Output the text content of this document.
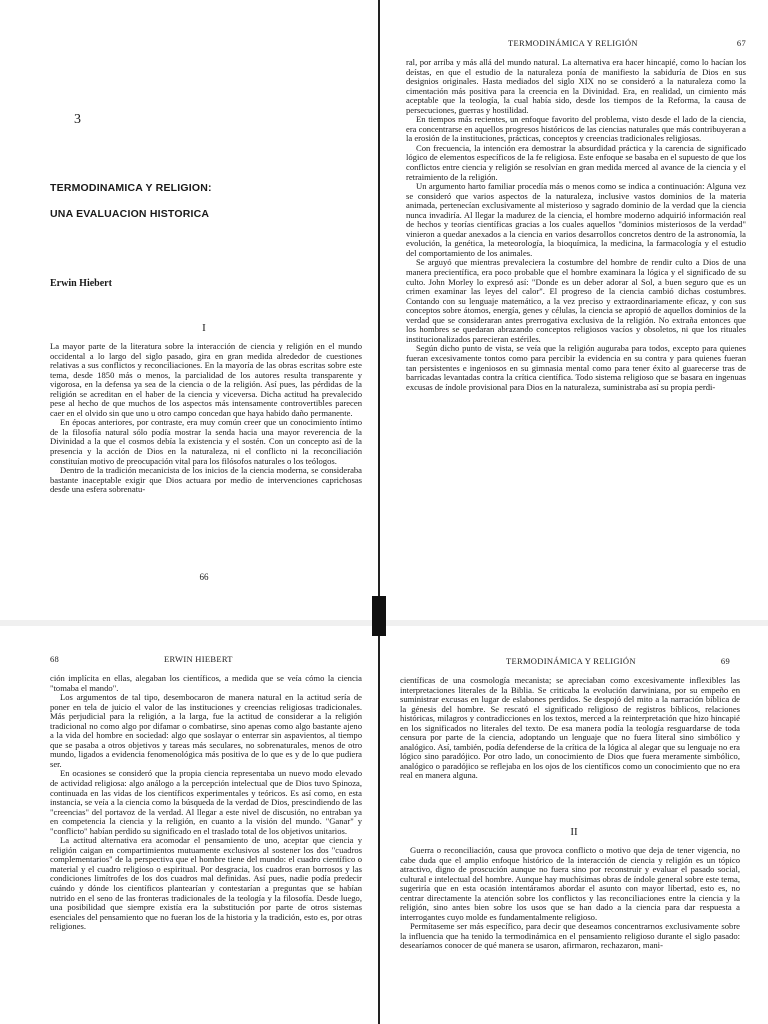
3
TERMODINAMICA Y RELIGION:
UNA EVALUACION HISTORICA
Erwin Hiebert
I

La mayor parte de la literatura sobre la interacción de ciencia y religión en el mundo occidental a lo largo del siglo pasado, gira en gran medida alrededor de cuestiones relativas a sus conflictos y reconciliaciones. En la mayoría de las obras escritas sobre este tema, desde 1850 más o menos, la parcialidad de los autores resulta transparente y vigorosa, en la defensa ya sea de la ciencia o de la religión. Así pues, las pérdidas de la religión se acreditan en el haber de la ciencia y viceversa. Dicha actitud ha prevalecido pese al hecho de que muchos de los aspectos más intensamente controvertibles parecen caer en el olvido sin que uno u otro campo concedan que haya habido daño permanente.

En épocas anteriores, por contraste, era muy común creer que un conocimiento íntimo de la filosofía natural sólo podía mostrar la senda hacia una mayor reverencia de la Divinidad a la que el cosmos debía la existencia y el sostén. Con un concepto así de la presencia y la acción de Dios en la naturaleza, ni el conflicto ni la reconciliación constituían motivo de preocupación vital para los filósofos naturales o los teólogos.

Dentro de la tradición mecanicista de los inicios de la ciencia moderna, se consideraba bastante inaceptable exigir que Dios actuara por medio de intervenciones caprichosas desde una esfera sobrenatu-

66
TERMODINÁMICA Y RELIGIÓN	67

ral, por arriba y más allá del mundo natural. La alternativa era hacer hincapié, como lo hacían los deístas, en que el estudio de la naturaleza ponía de manifiesto la sabiduría de Dios en sus designios originales. Hasta mediados del siglo XIX no se consideró a la naturaleza como la cimentación más positiva para la creencia en la Divinidad. Era, en realidad, un cimiento más aceptable que la teología, la cual había sido, desde los tiempos de la Reforma, la causa de persecuciones, guerras y hostilidad.

En tiempos más recientes, un enfoque favorito del problema, visto desde el lado de la ciencia, era concentrarse en aquellos progresos históricos de las ciencias naturales que más contribuyeran a la erosión de la instituciones, prácticas, conceptos y creencias tradicionales religiosas.

Con frecuencia, la intención era demostrar la absurdidad práctica y la carencia de significado lógico de elementos específicos de la fe religiosa. Este enfoque se basaba en el supuesto de que los conflictos entre ciencia y religión se resolvían en gran medida merced al avance de la ciencia y el retraimiento de la religión.

Un argumento harto familiar procedía más o menos como se indica a continuación: Alguna vez se consideró que varios aspectos de la naturaleza, inclusive vastos dominios de la materia animada, pertenecían exclusivamente al misterioso y sagrado dominio de la verdad que la ciencia nunca invadiría. Al llegar la madurez de la ciencia, el hombre moderno adquirió información real de hechos y teorías científicas gracias a los cuales aquellos "dominios misteriosos de la verdad" vinieron a quedar anexados a la ciencia en varios desarrollos concretos dentro de la astronomía, la evolución, la genética, la meteorología, la bioquímica, la medicina, la farmacología y el estudio del comportamiento de los animales.

Se arguyó que mientras prevaleciera la costumbre del hombre de rendir culto a Dios de una manera precientífica, era poco probable que el hombre examinara la lógica y el significado de su culto. John Morley lo expresó así: "Donde es un deber adorar al Sol, a buen seguro que es un crimen examinar las leyes del calor". El progreso de la ciencia cambió dichas costumbres. Contando con su lenguaje matemático, a la vez preciso y extraordinariamente eficaz, y con sus conceptos sobre átomos, energía, genes y células, la ciencia se apropió de aquellos dominios de la verdad que se consideraran antes prerrogativa exclusiva de la religión. No extraña entonces que los hombres se quedaran abrazando conceptos religiosos vacíos y obsoletos, ni que los rituales institucionalizados parecieran estériles.

Según dicho punto de vista, se veía que la religión auguraba para todos, excepto para quienes fueran excesivamente tontos como para percibir la evidencia en su contra y para quienes fueran tan persistentes e ingeniosos en su gimnasia mental como para tener éxito al guarecerse tras de barricadas levantadas contra la crítica científica. Todo sistema religioso que se basara en ingenuas excusas de índole provisional para Dios en la naturaleza, suministraba así su propia perdi-

68	ERWIN HIEBERT

ción implícita en ellas, alegaban los científicos, a medida que se veía cómo la ciencia "tomaba el mando".

Los argumentos de tal tipo, desembocaron de manera natural en la actitud sería de poner en tela de juicio el valor de las instituciones y creencias religiosas tradicionales. Más perjudicial para la religión, a la larga, fue la actitud de considerar a la religión tradicional no como algo por difamar o combatirse, sino apenas como algo bastante ajeno a la vida del hombre en sociedad: algo que soslayar o enterrar sin aspavientos, al tiempo que se pasaba a otros objetivos y tareas más seculares, no sobrenaturales, menos de otro mundo, ligados a evidencia fenomenológica más positiva de lo que es y de lo que pudiera ser.

En ocasiones se consideró que la propia ciencia representaba un nuevo modo elevado de actividad religiosa: algo análogo a la percepción intelectual que de Dios tuvo Spinoza, continuada en las vidas de los científicos experimentales y teóricos. Es así como, en esta instancia, se veía a la ciencia como la búsqueda de la verdad de Dios, prescindiendo de las "creencias" del portavoz de la verdad. Al llegar a este nivel de discusión, no entraban ya en competencia la ciencia y la religión, en cuanto a la visión del mundo. "Ganar" y "conflicto" habían perdido su significado en el traslado total de los objetivos unitarios.

La actitud alternativa era acomodar el pensamiento de uno, aceptar que ciencia y religión caigan en compartimientos mutuamente exclusivos al sostener los dos "cuadros complementarios" de la perspectiva que el hombre tiene del mundo: el cuadro científico o material y el cuadro religioso o espiritual. Por desgracia, los cuadros eran borrosos y las condiciones limítrofes de los dos cuadros mal definidas. Así pues, nadie podía predecir cuándo y dónde los científicos plantearían y contestarían a preguntas que se habían nutrido en el seno de las fronteras tradicionales de la teología y la filosofía. Desde luego, una posibilidad que siempre existía era la substitución por parte de otros sistemas esenciales del pensamiento que no fueran los de la historia y la tradición, esto es, por otras religiones.

TERMODINÁMICA Y RELIGIÓN	69

científicas de una cosmología mecanista; se apreciaban como excesivamente inflexibles las interpretaciones literales de la Biblia. Se criticaba la evolución darwiniana, por su empeño en suministrar excusas en lugar de eslabones perdidos. Se despojó del mito a la narración bíblica de la génesis del hombre. Se rescató el significado religioso de registros bíblicos, relaciones históricas, milagros y contradicciones en los textos, merced a la reinterpretación que hizo hincapié en los significados no literales del texto. De esa manera podía la teología resguardarse de toda censura por parte de la ciencia, adoptando un lenguaje que no fuera literal sino simbólico y analógico. Así, también, podía defenderse de la crítica de la lógica al alegar que su lenguaje no era lógico sino paradójico. Por otro lado, un conocimiento de Dios que fuera meramente simbólico, analógico o paradójico se reflejaba en los ojos de los científicos como un conocimiento que no era real en manera alguna.

II

Guerra o reconciliación, causa que provoca conflicto o motivo que deja de tener vigencia, no cabe duda que el amplio enfoque histórico de la interacción de ciencia y religión es un tópico atractivo, digno de proscución aunque no fuera sino por reconstruir y evaluar el pasado social, cultural e intelectual del hombre. Aunque hay muchísimas obras de índole general sobre este tema, sugeriría que en esta ocasión intentáramos abordar el asunto con mayor libertad, esto es, no centrar directamente la atención sobre los conflictos y las reconciliaciones entre la ciencia y la religión, sino antes bien sobre los usos que se han dado a la ciencia para dar respuesta a interrogantes cuyo molde es fundamentalmente religioso.

Permítaseme ser más específico, para decir que deseamos concentrarnos exclusivamente sobre la influencia que ha tenido la termodinámica en el pensamiento religioso durante el siglo pasado: desearíamos conocer de qué manera se usaron, afirmaron, rechazaron, mani-
